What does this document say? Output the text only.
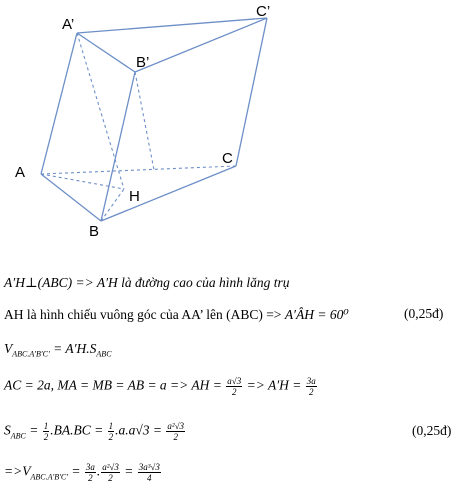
A’
C’
B’
A
C
H
B
A′H⊥(ABC) => A′H là đường cao của hình lăng trụ
AH là hình chiếu vuông góc của AA’ lên (ABC) => A′ÂH = 60⁰	(0,25đ)
$V_{ABC.A'B'C'} = A'H.S_{ABC}$
AC = 2a, MA = MB = AB = a => AH = $\frac{a√3}{2} => A'H = \frac{3a}{2}$
$S_{ABC} = \frac{1}{2} .BA.BC = \frac{1}{2} .a.a√3 = \frac{\text{a²√3}}{2}$	(0,25đ)
$=>V_{ABC.A'B'C'} = \frac{3a}{2}$ . $\frac{\text{a²√3}}{2} = \frac{\text{3a³√3}}{4}$
